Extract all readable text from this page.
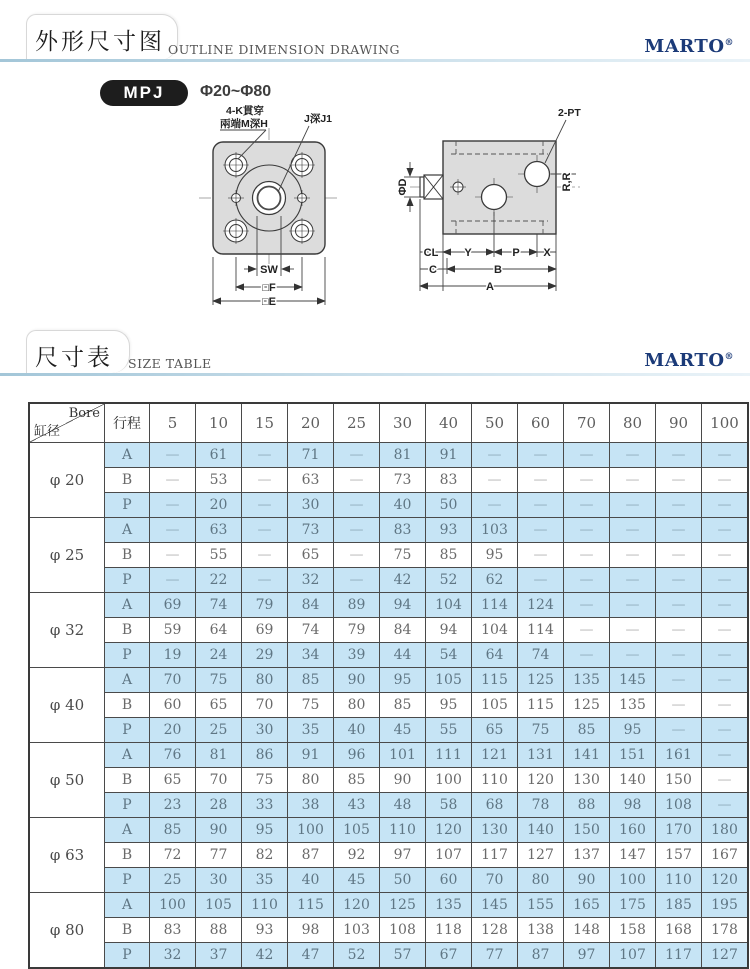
外形尺寸图 OUTLINE DIMENSION DRAWING	MARTO®
MPJ	Φ20~Φ80
4-K貫穿
兩端M深H	J深J1
SW
□F
□E
2-PT
ΦD	R,R
CL Y	P X
C	B
A
尺寸表 SIZE TABLE	MARTO®
Bore
缸径	行程	5	10	15	20	25	30	40	50	60	70	80	90	100
φ 20	A	—	61	—	71	—	81	91	—	—	—	—	—	—
	B	—	53	—	63	—	73	83	—	—	—	—	—	—
	P	—	20	—	30	—	40	50	—	—	—	—	—	—
φ 25	A	—	63	—	73	—	83	93	103	—	—	—	—	—
	B	—	55	—	65	—	75	85	95	—	—	—	—	—
	P	—	22	—	32	—	42	52	62	—	—	—	—	—
φ 32	A	69	74	79	84	89	94	104	114	124	—	—	—	—
	B	59	64	69	74	79	84	94	104	114	—	—	—	—
	P	19	24	29	34	39	44	54	64	74	—	—	—	—
φ 40	A	70	75	80	85	90	95	105	115	125	135	145	—	—
	B	60	65	70	75	80	85	95	105	115	125	135	—	—
	P	20	25	30	35	40	45	55	65	75	85	95	—	—
φ 50	A	76	81	86	91	96	101	111	121	131	141	151	161	—
	B	65	70	75	80	85	90	100	110	120	130	140	150	—
	P	23	28	33	38	43	48	58	68	78	88	98	108	—
φ 63	A	85	90	95	100	105	110	120	130	140	150	160	170	180
	B	72	77	82	87	92	97	107	117	127	137	147	157	167
	P	25	30	35	40	45	50	60	70	80	90	100	110	120
φ 80	A	100	105	110	115	120	125	135	145	155	165	175	185	195
	B	83	88	93	98	103	108	118	128	138	148	158	168	178
	P	32	37	42	47	52	57	67	77	87	97	107	117	127
